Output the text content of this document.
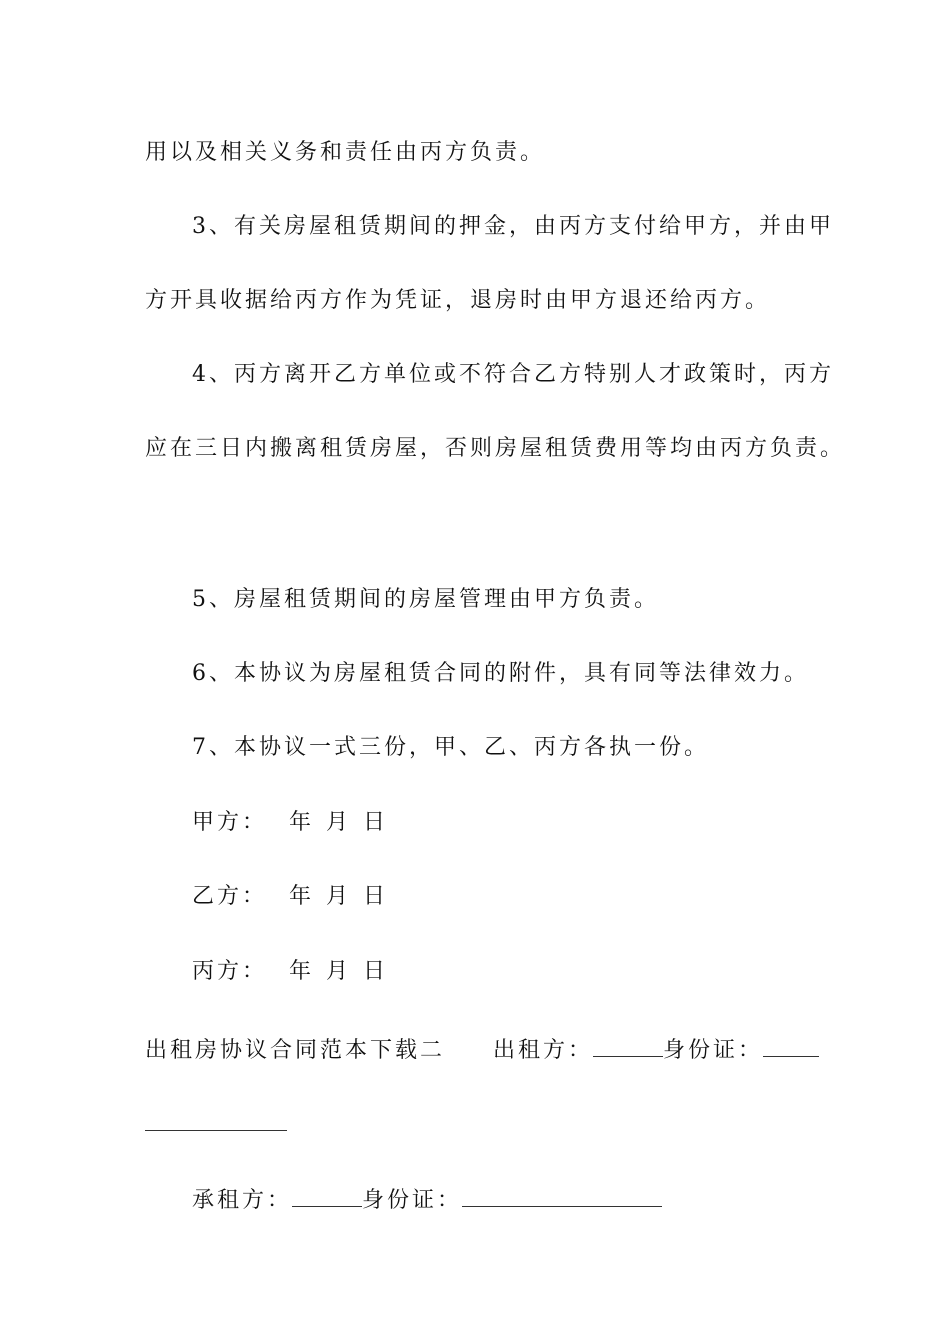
用以及相关义务和责任由丙方负责。
3、有关房屋租赁期间的押金，由丙方支付给甲方，并由甲
方开具收据给丙方作为凭证，退房时由甲方退还给丙方。
4、丙方离开乙方单位或不符合乙方特别人才政策时，丙方
应在三日内搬离租赁房屋，否则房屋租赁费用等均由丙方负责。
5、房屋租赁期间的房屋管理由甲方负责。
6、本协议为房屋租赁合同的附件，具有同等法律效力。
7、本协议一式三份，甲、乙、丙方各执一份。
甲方： 年 月 日
乙方： 年 月 日
丙方： 年 月 日
出租房协议合同范本下载二 出租方：	身份证：
承租方：	身份证：
